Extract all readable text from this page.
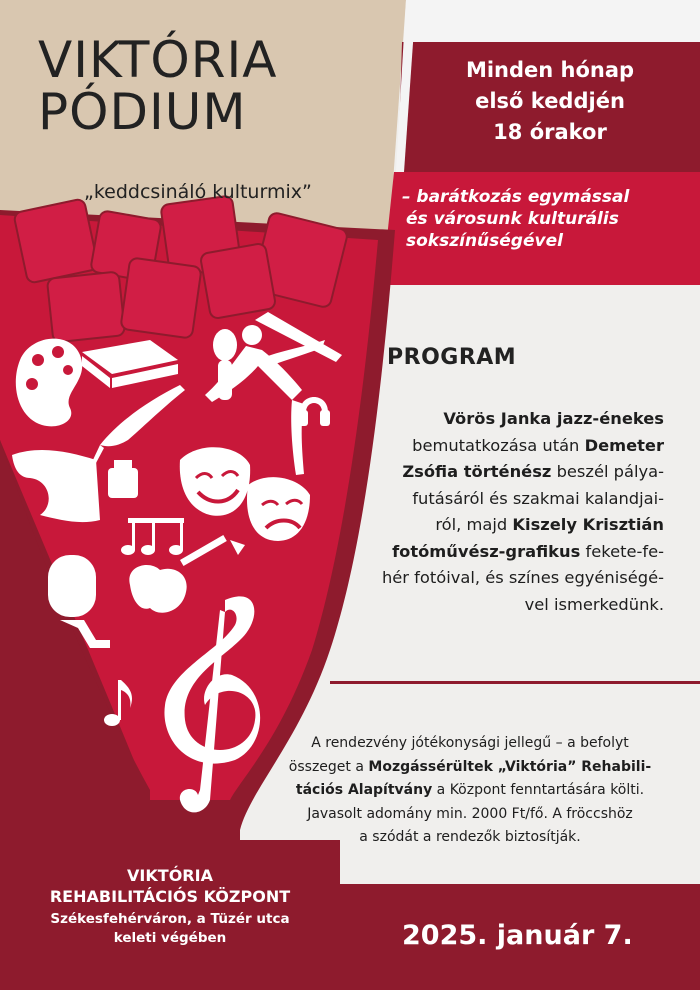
VIKTÓRIA
PÓDIUM
„keddcsináló kulturmix”
Minden hónap
első keddjén
18 órakor
– barátkozás egymással
és városunk kulturális
sokszínűségével
PROGRAM
Vörös Janka jazz-énekes
bemutatkozása után Demeter
Zsófia történész beszél pálya-
futásáról és szakmai kalandjai-
ról, majd Kiszely Krisztián
fotóművész-grafikus fekete-fe-
hér fotóival, és színes egyéniségé-
vel ismerkedünk.
A rendezvény jótékonysági jellegű – a befolyt
összeget a Mozgássérültek „Viktória” Rehabili-
tációs Alapítvány a Központ fenntartására költi.
Javasolt adomány min. 2000 Ft/fő. A fröccshöz
a szódát a rendezők biztosítják.
VIKTÓRIA
REHABILITÁCIÓS KÖZPONT
Székesfehérváron, a Tüzér utca
keleti végében	2025. január 7.
